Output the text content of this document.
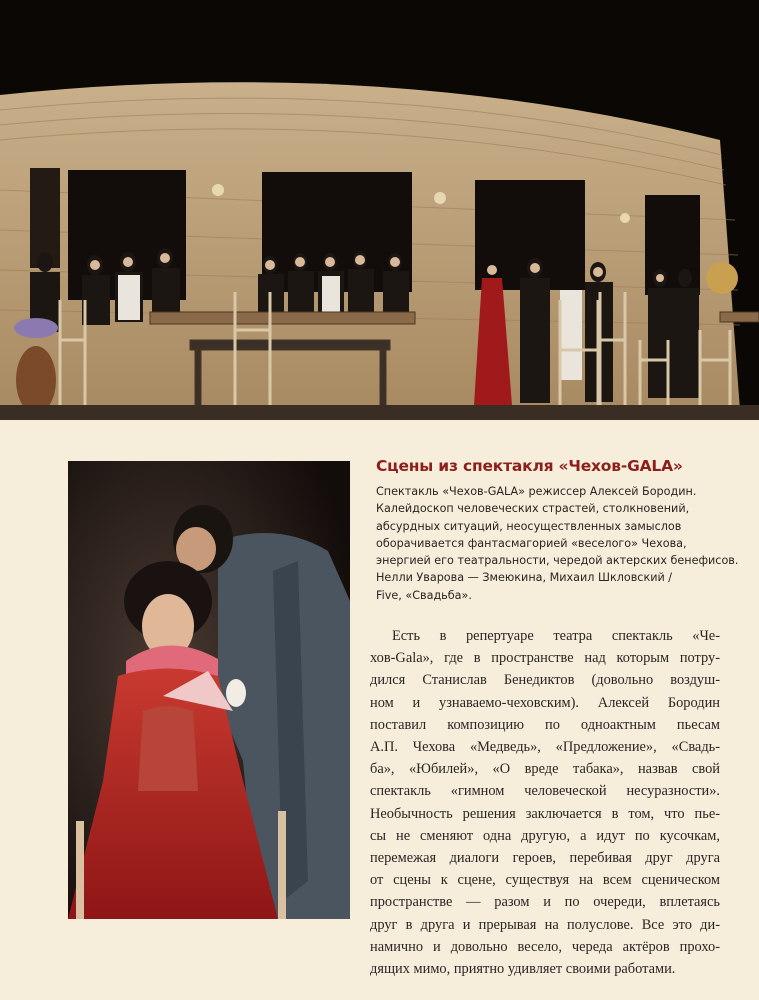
Сцены из спектакля «Чехов-GALA»

Спектакль «Чехов-GALA» режиссер Алексей Бородин.
Калейдоскоп человеческих страстей, столкновений,
абсурдных ситуаций, неосуществленных замыслов
оборачивается фантасмагорией «веселого» Чехова,
энергией его театральности, чередой актерских бенефисов.
Нелли Уварова — Змеюкина, Михаил Шкловский /
Five, «Свадьба».

Есть в репертуаре театра спектакль «Че-
хов-Gala», где в пространстве над которым потру-
дился Станислав Бенедиктов (довольно воздуш-
ном и узнаваемо-чеховским). Алексей Бородин
поставил композицию по одноактным пьесам
А.П. Чехова «Медведь», «Предложение», «Свадь-
ба», «Юбилей», «О вреде табака», назвав свой
спектакль «гимном человеческой несуразности».
Необычность решения заключается в том, что пье-
сы не сменяют одна другую, а идут по кусочкам,
перемежая диалоги героев, перебивая друг друга
от сцены к сцене, существуя на всем сценическом
пространстве — разом и по очереди, вплетаясь
друг в друга и прерывая на полуслове. Все это ди-
намично и довольно весело, череда актёров прохо-
дящих мимо, приятно удивляет своими работами.
